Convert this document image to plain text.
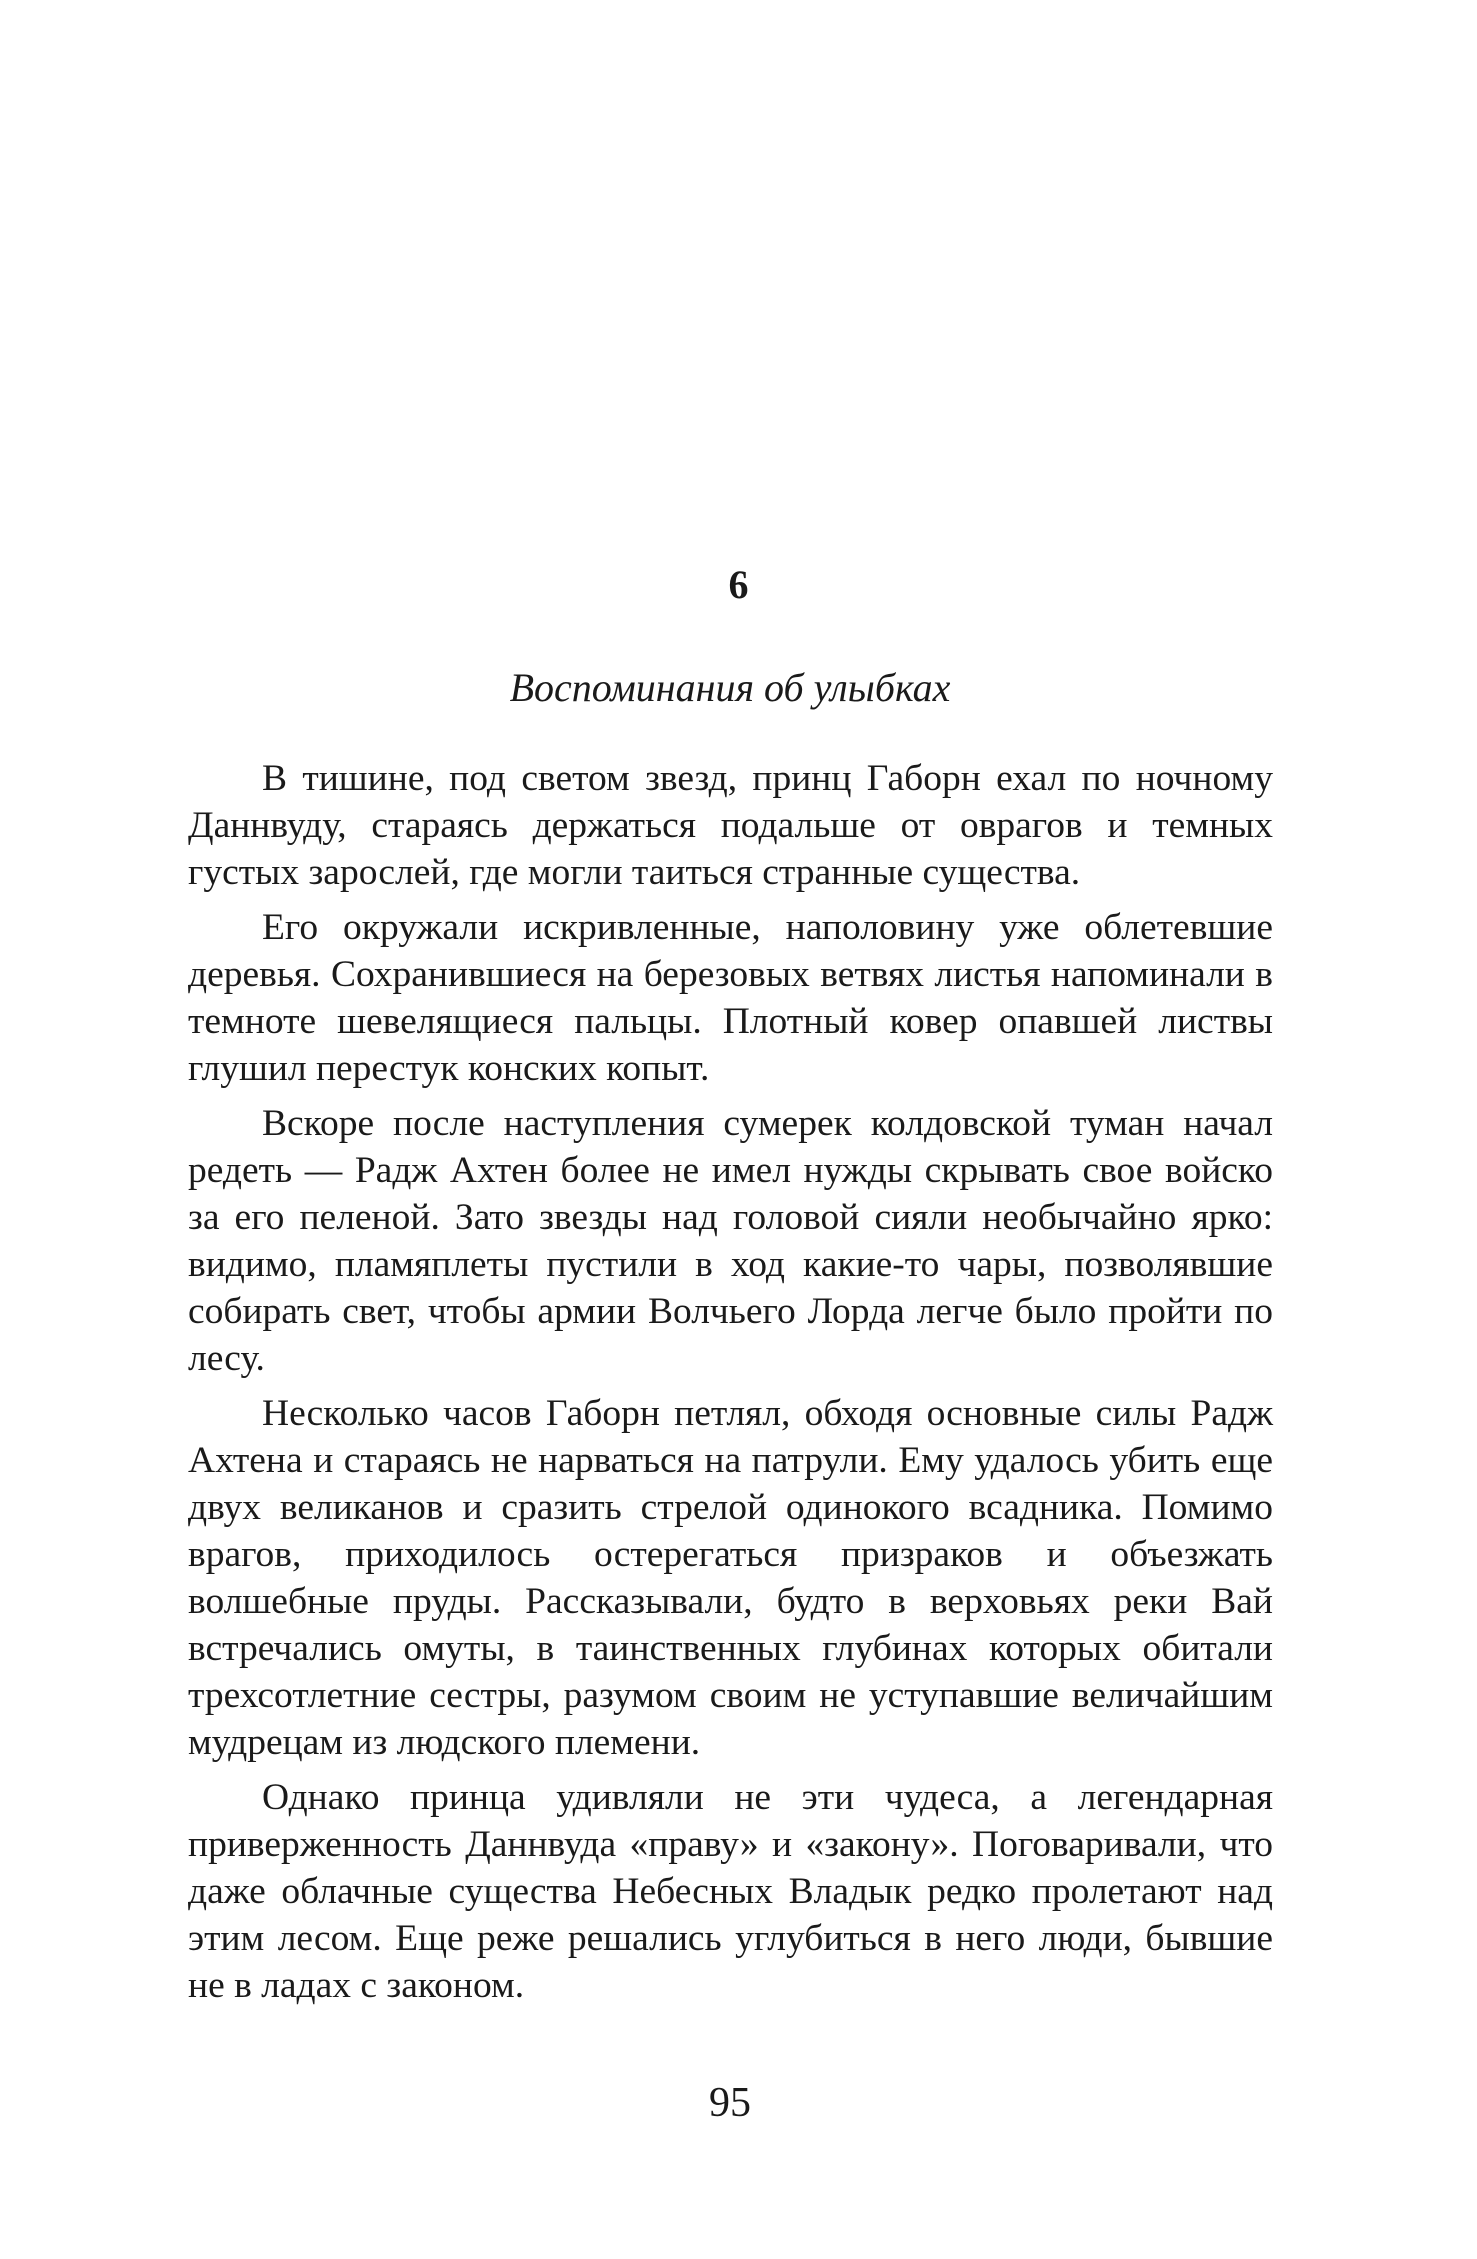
6
Воспоминания об улыбках

В тишине, под светом звезд, принц Габорн ехал по ночному Даннвуду, стараясь держаться подальше от оврагов и темных густых зарослей, где могли таиться странные существа.

Его окружали искривленные, наполовину уже облетевшие деревья. Сохранившиеся на березовых ветвях листья напоминали в темноте шевелящиеся пальцы. Плотный ковер опавшей листвы глушил перестук конских копыт.

Вскоре после наступления сумерек колдовской туман начал редеть — Радж Ахтен более не имел нужды скрывать свое войско за его пеленой. Зато звезды над головой сияли необычайно ярко: видимо, пламяплеты пустили в ход какие-то чары, позволявшие собирать свет, чтобы армии Волчьего Лорда легче было пройти по лесу.

Несколько часов Габорн петлял, обходя основные силы Радж Ахтена и стараясь не нарваться на патрули. Ему удалось убить еще двух великанов и сразить стрелой одинокого всадника. Помимо врагов, приходилось остерегаться призраков и объезжать волшебные пруды. Рассказывали, будто в верховьях реки Вай встречались омуты, в таинственных глубинах которых обитали трехсотлетние сестры, разумом своим не уступавшие величайшим мудрецам из людского племени.

Однако принца удивляли не эти чудеса, а легендарная приверженность Даннвуда «праву» и «закону». Поговаривали, что даже облачные существа Небесных Владык редко пролетают над этим лесом. Еще реже решались углубиться в него люди, бывшие не в ладах с законом.

95
